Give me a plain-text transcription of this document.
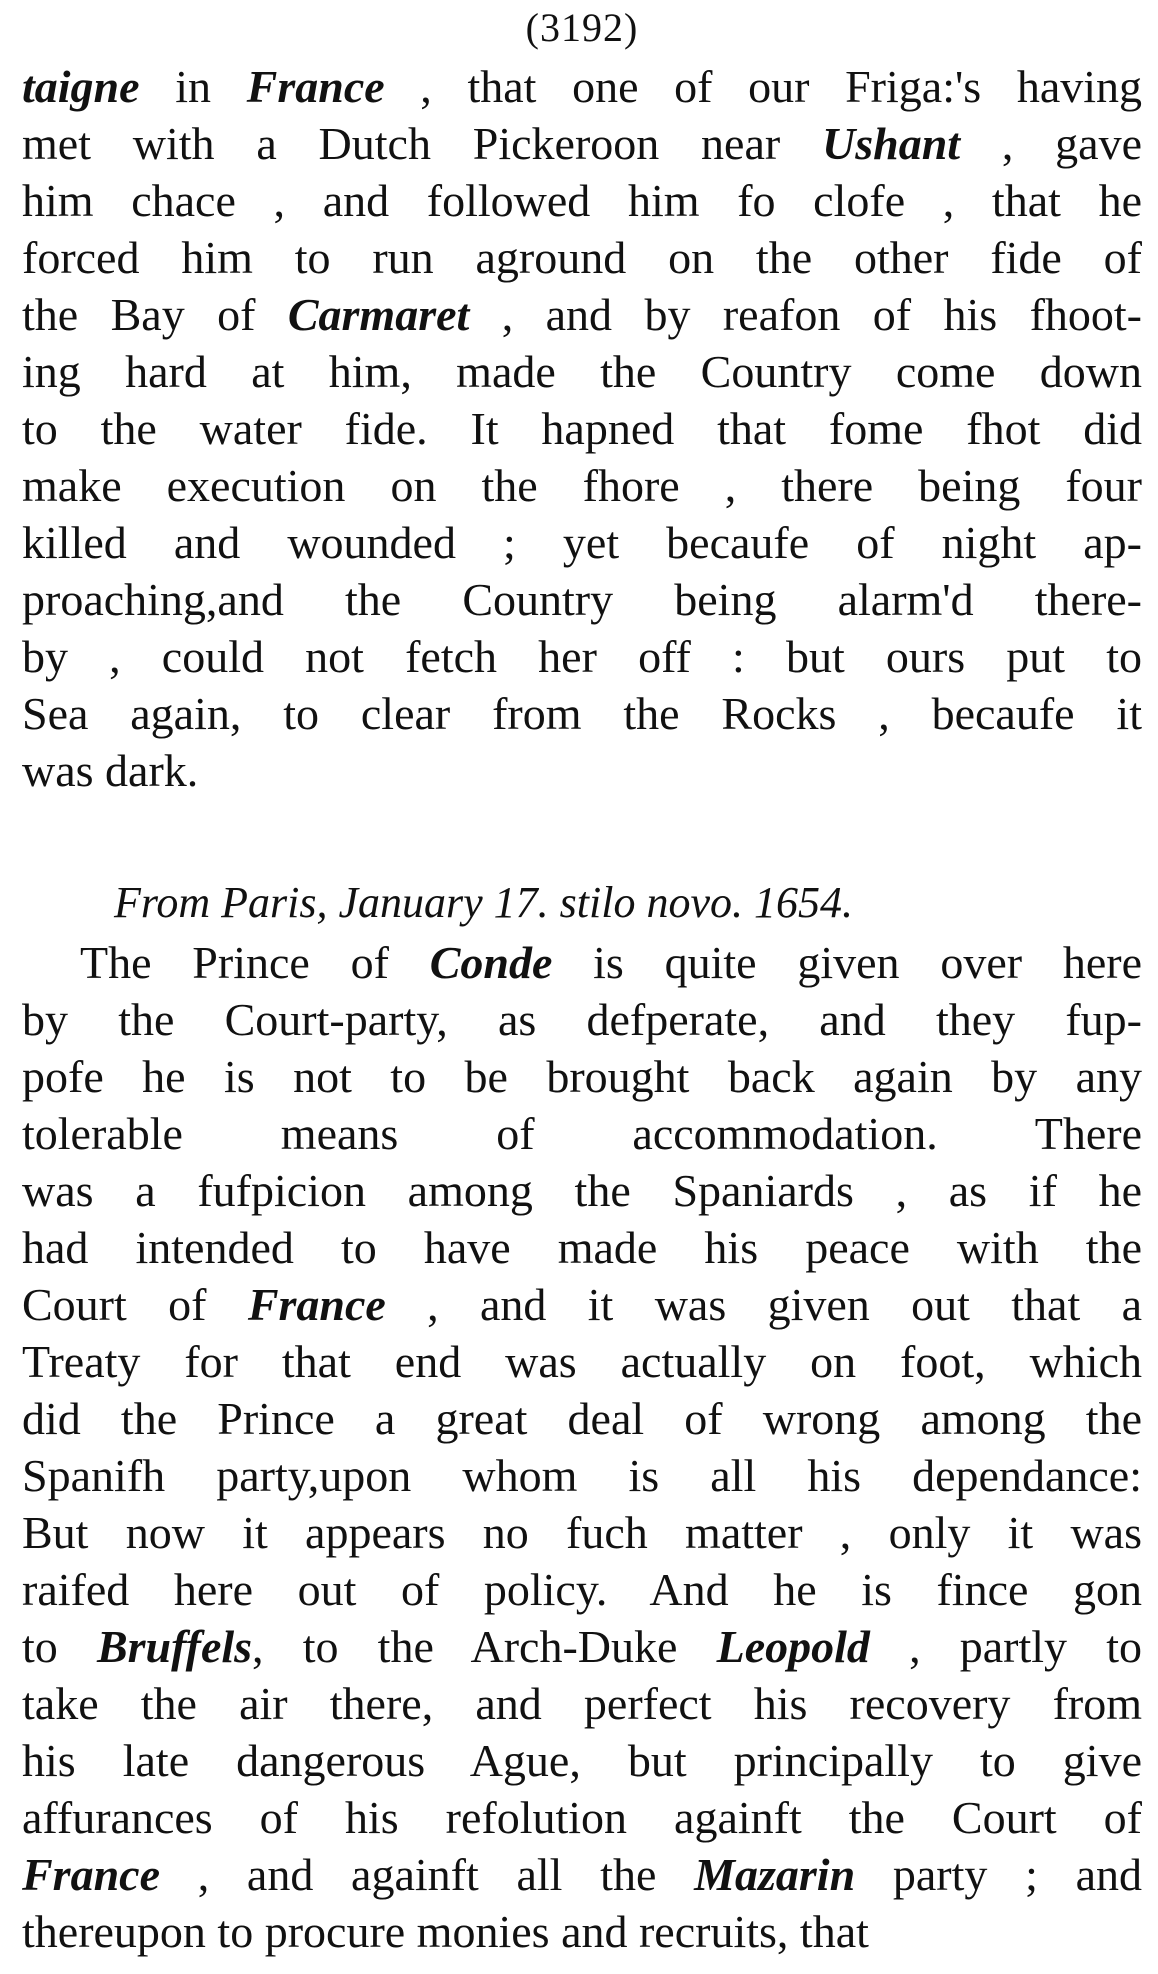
(3192)
taigne in France , that one of our Friga:'s having
met with a Dutch Pickeroon near Ushant , gave
him chace , and followed him fo clofe , that he
forced him to run aground on the other fide of
the Bay of Carmaret , and by reafon of his fhoot-
ing hard at him, made the Country come down
to the water fide. It hapned that fome fhot did
make execution on the fhore , there being four
killed and wounded ; yet becaufe of night ap-
proaching,and the Country being alarm'd there-
by , could not fetch her off : but ours put to
Sea again, to clear from the Rocks , becaufe it
was dark.
From Paris, January 17. stilo novo. 1654.
The Prince of Conde is quite given over here
by the Court-party, as defperate, and they fup-
pofe he is not to be brought back again by any
tolerable means of accommodation. There
was a fufpicion among the Spaniards , as if he
had intended to have made his peace with the
Court of France , and it was given out that a
Treaty for that end was actually on foot, which
did the Prince a great deal of wrong among the
Spanifh party,upon whom is all his dependance:
But now it appears no fuch matter , only it was
raifed here out of policy. And he is fince gon
to Bruffels, to the Arch-Duke Leopold , partly to
take the air there, and perfect his recovery from
his late dangerous Ague, but principally to give
affurances of his refolution againft the Court of
France , and againft all the Mazarin party ; and
thereupon to procure monies and recruits, that
